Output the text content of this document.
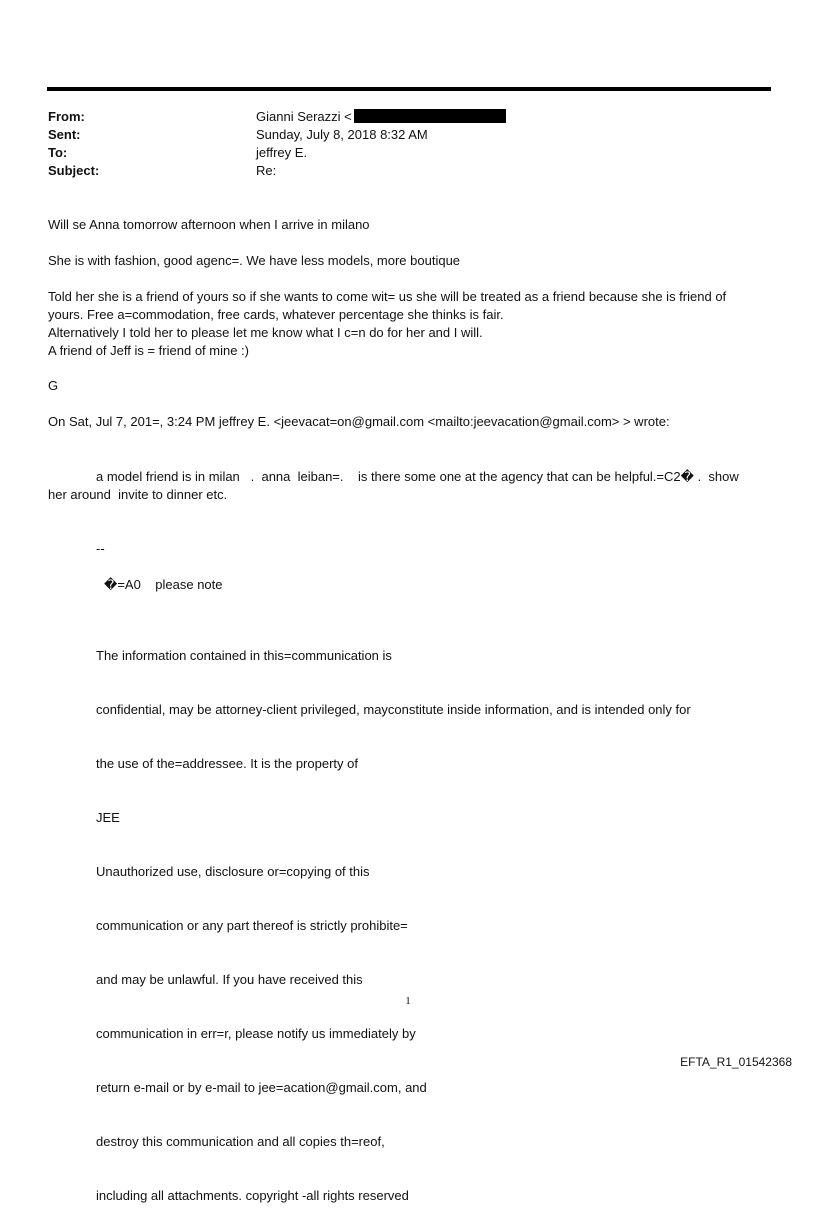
From:	Gianni Serazzi <
Sent:	Sunday, July 8, 2018 8:32 AM
To:	jeffrey E.
Subject:	Re:

Will se Anna tomorrow afternoon when I arrive in milano

She is with fashion, good agenc=. We have less models, more boutique

Told her she is a friend of yours so if she wants to come wit= us she will be treated as a friend because she is friend of

yours. Free a=commodation, free cards, whatever percentage she thinks is fair.

Alternatively I told her to please let me know what I c=n do for her and I will.

A friend of Jeff is = friend of mine :)

G

On Sat, Jul 7, 201=, 3:24 PM jeffrey E. <jeevacat=on@gmail.com <mailto:jeevacation@gmail.com> > wrote:

a model friend is in milan   .  anna  leiban=.    is there some one at the agency that can be helpful.=C2� .  show

her around  invite to dinner etc.

--

�=A0    please note

The information contained in this=communication is

confidential, may be attorney-client privileged, mayconstitute inside information, and is intended only for

the use of the=addressee. It is the property of

JEE

Unauthorized use, disclosure or=copying of this

communication or any part thereof is strictly prohibite=

and may be unlawful. If you have received this

communication in err=r, please notify us immediately by

return e-mail or by e-mail to jee=acation@gmail.com, and

destroy this communication and all copies th=reof,

including all attachments. copyright -all rights reserved

1
EFTA_R1_01542368
